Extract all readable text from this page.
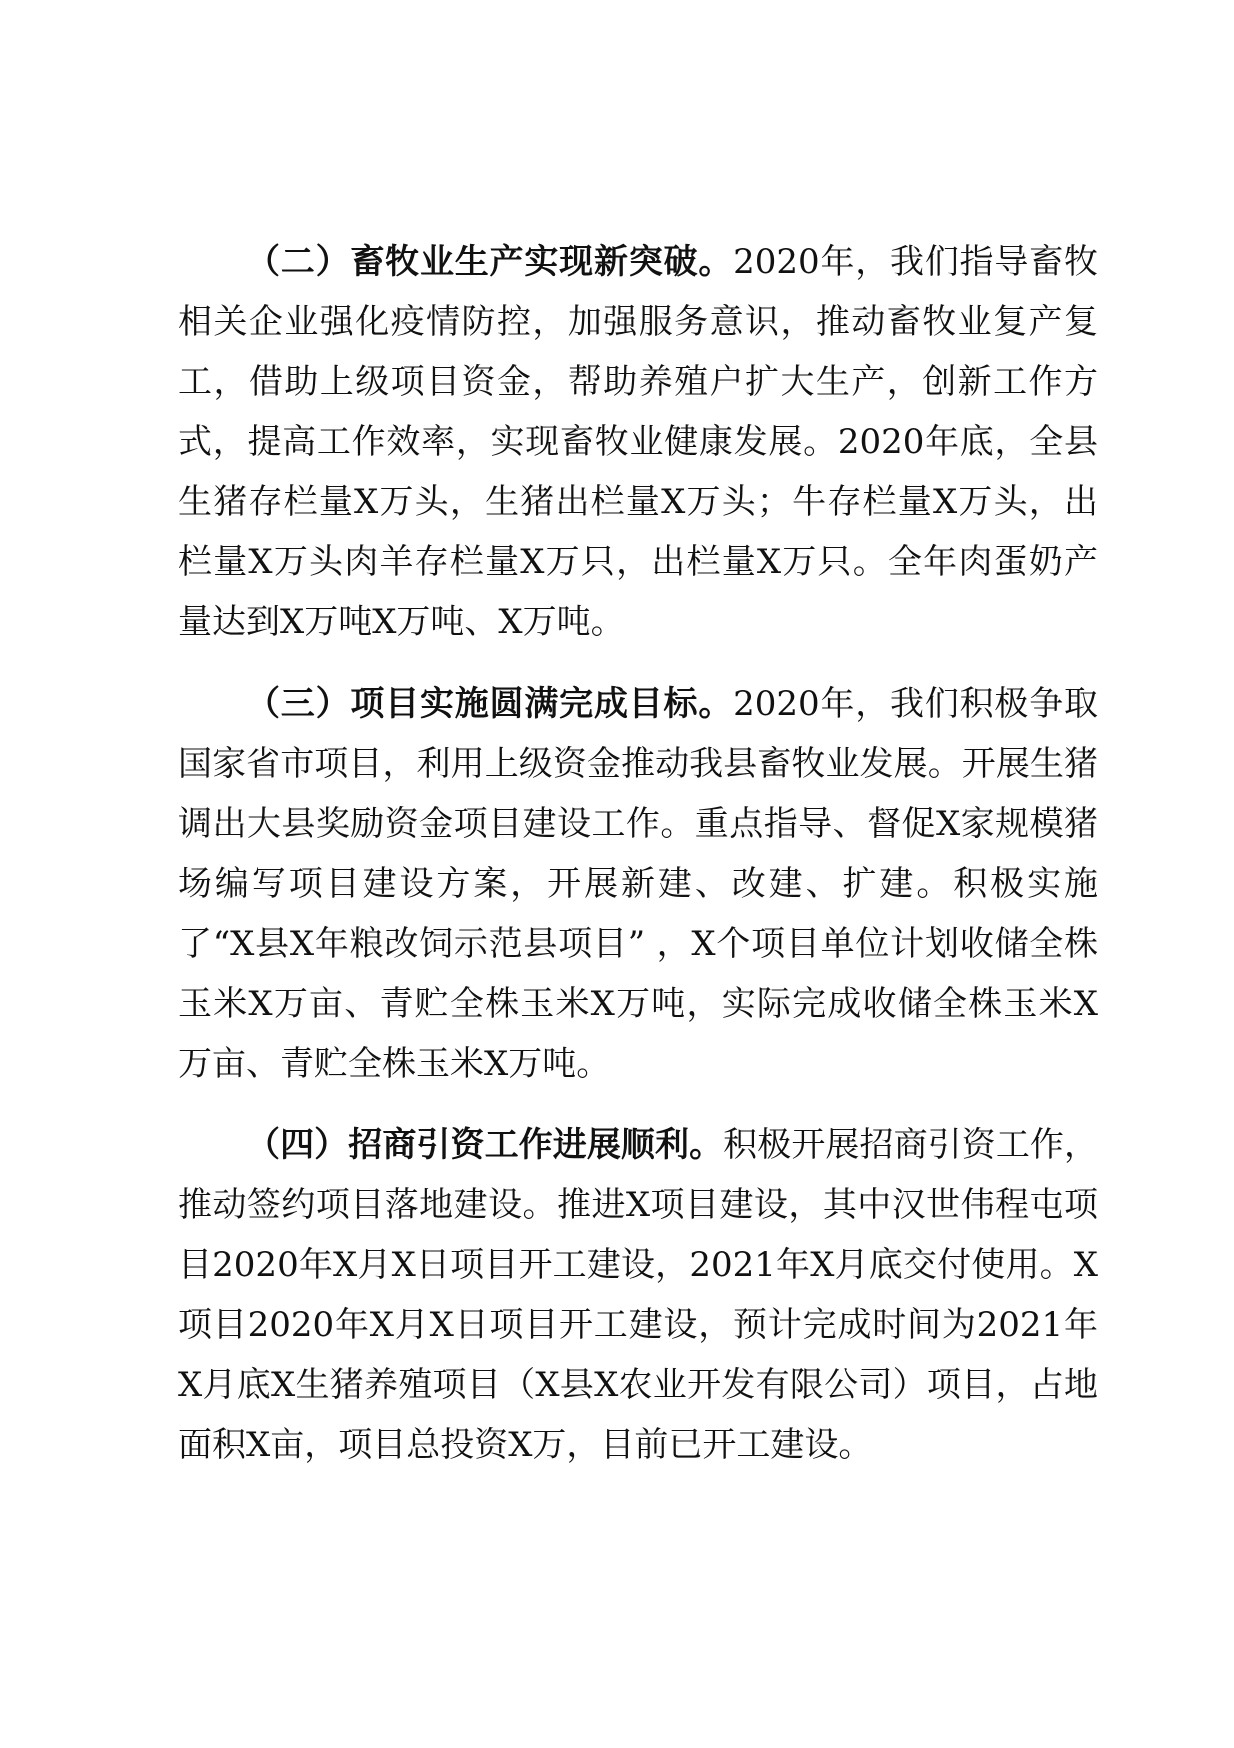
（二）畜牧业生产实现新突破。2020年，我们指导畜牧相关企业强化疫情防控，加强服务意识，推动畜牧业复产复工，借助上级项目资金，帮助养殖户扩大生产，创新工作方式，提高工作效率，实现畜牧业健康发展。2020年底，全县生猪存栏量X万头，生猪出栏量X万头；牛存栏量X万头，出栏量X万头肉羊存栏量X万只，出栏量X万只。全年肉蛋奶产量达到X万吨X万吨、X万吨。

（三）项目实施圆满完成目标。2020年，我们积极争取国家省市项目，利用上级资金推动我县畜牧业发展。开展生猪调出大县奖励资金项目建设工作。重点指导、督促X家规模猪场编写项目建设方案，开展新建、改建、扩建。积极实施了“X县X年粮改饲示范县项目” ，X个项目单位计划收储全株玉米X万亩、青贮全株玉米X万吨，实际完成收储全株玉米X万亩、青贮全株玉米X万吨。

（四）招商引资工作进展顺利。积极开展招商引资工作，推动签约项目落地建设。推进X项目建设，其中汉世伟程屯项目2020年X月X日项目开工建设，2021年X月底交付使用。X项目2020年X月X日项目开工建设，预计完成时间为2021年X月底X生猪养殖项目（X县X农业开发有限公司）项目，占地面积X亩，项目总投资X万，目前已开工建设。
